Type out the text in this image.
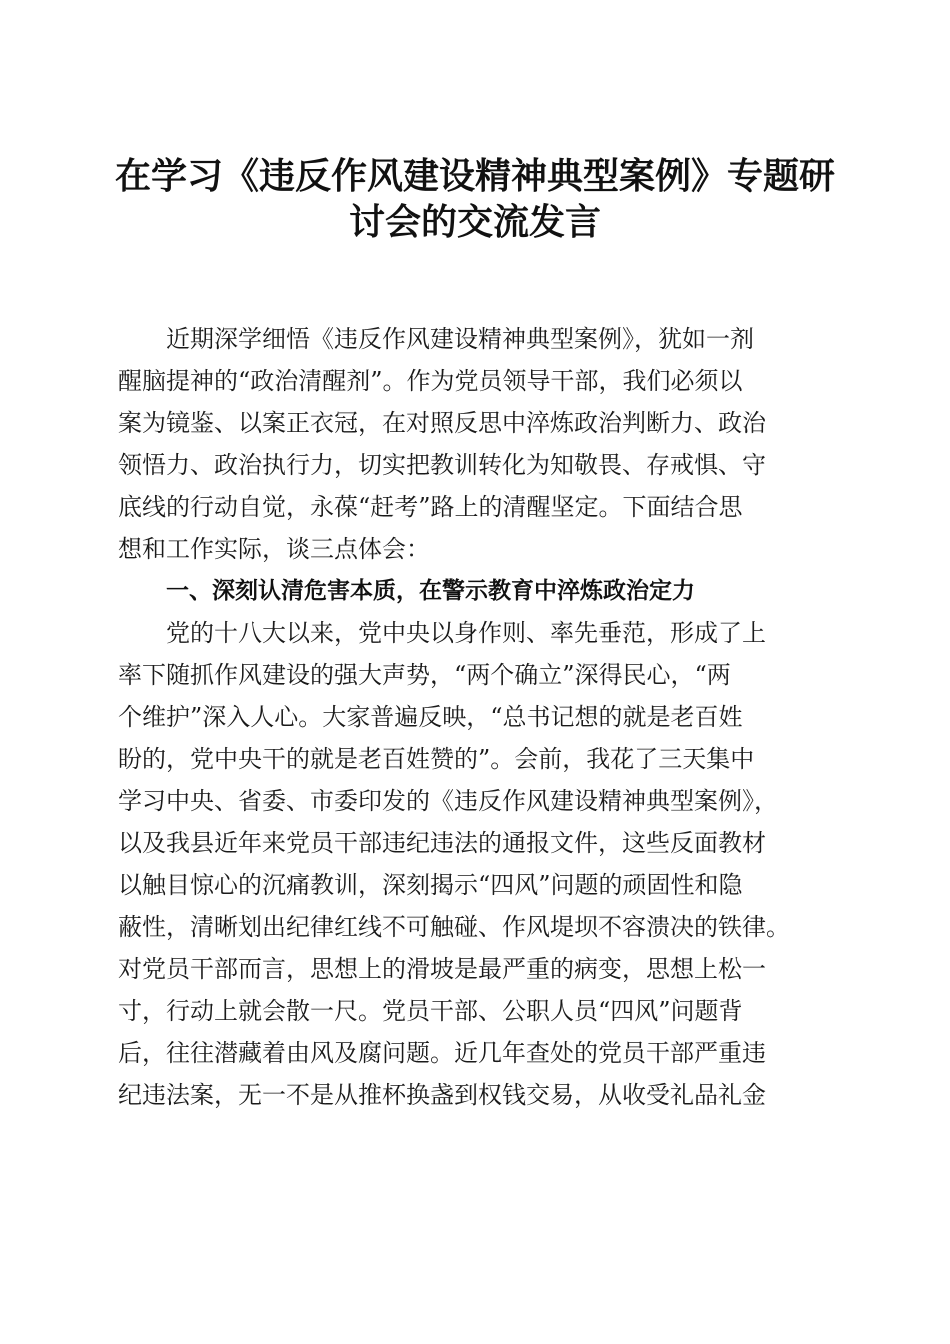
在学习《违反作风建设精神典型案例》专题研
讨会的交流发言
近期深学细悟《违反作风建设精神典型案例》，犹如一剂
醒脑提神的“政治清醒剂”。作为党员领导干部，我们必须以
案为镜鉴、以案正衣冠，在对照反思中淬炼政治判断力、政治
领悟力、政治执行力，切实把教训转化为知敬畏、存戒惧、守
底线的行动自觉，永葆“赶考”路上的清醒坚定。下面结合思
想和工作实际，谈三点体会：
一、深刻认清危害本质，在警示教育中淬炼政治定力
党的十八大以来，党中央以身作则、率先垂范，形成了上
率下随抓作风建设的强大声势，“两个确立”深得民心，“两
个维护”深入人心。大家普遍反映，“总书记想的就是老百姓
盼的，党中央干的就是老百姓赞的”。会前，我花了三天集中
学习中央、省委、市委印发的《违反作风建设精神典型案例》，
以及我县近年来党员干部违纪违法的通报文件，这些反面教材
以触目惊心的沉痛教训，深刻揭示“四风”问题的顽固性和隐
蔽性，清晰划出纪律红线不可触碰、作风堤坝不容溃决的铁律。
对党员干部而言，思想上的滑坡是最严重的病变，思想上松一
寸，行动上就会散一尺。党员干部、公职人员“四风”问题背
后，往往潜藏着由风及腐问题。近几年查处的党员干部严重违
纪违法案，无一不是从推杯换盏到权钱交易，从收受礼品礼金
